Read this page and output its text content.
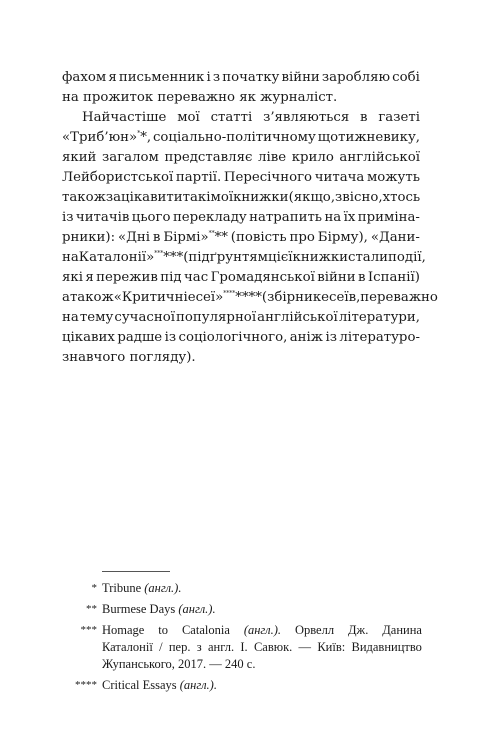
фахом я письменник і з початку війни заробляю собі
на прожиток переважно як журналіст.
Найчастіше мої статті з’являються в газеті
«Триб’юн»**, соціально-політичному щотижневику,
який загалом представляє ліве крило англійської
Лейбористської партії. Пересічного читача можуть
також зацікавити такі мої книжки (якщо, звісно, хтось
із читачів цього перекладу натрапить на їх приміна-
рники): «Дні в Бірмі»**** (повість про Бірму), «Дани-
на Каталонії»****** (підґрунтям цієї книжки стали події,
які я пережив під час Громадянської війни в Іспанії)
а також «Критичні есеї»******** (збірник есеїв, переважно
на тему сучасної популярної англійської літератури,
цікавих радше із соціологічного, аніж із літературо-
знавчого погляду).
* Tribune (англ.).
** Burmese Days (англ.).
*** Homage to Catalonia (англ.). Орвелл Дж. Данина
Каталонії / пер. з англ. І. Савюк. — Київ: Видавництво
Жупанського, 2017. — 240 с.
**** Critical Essays (англ.).
